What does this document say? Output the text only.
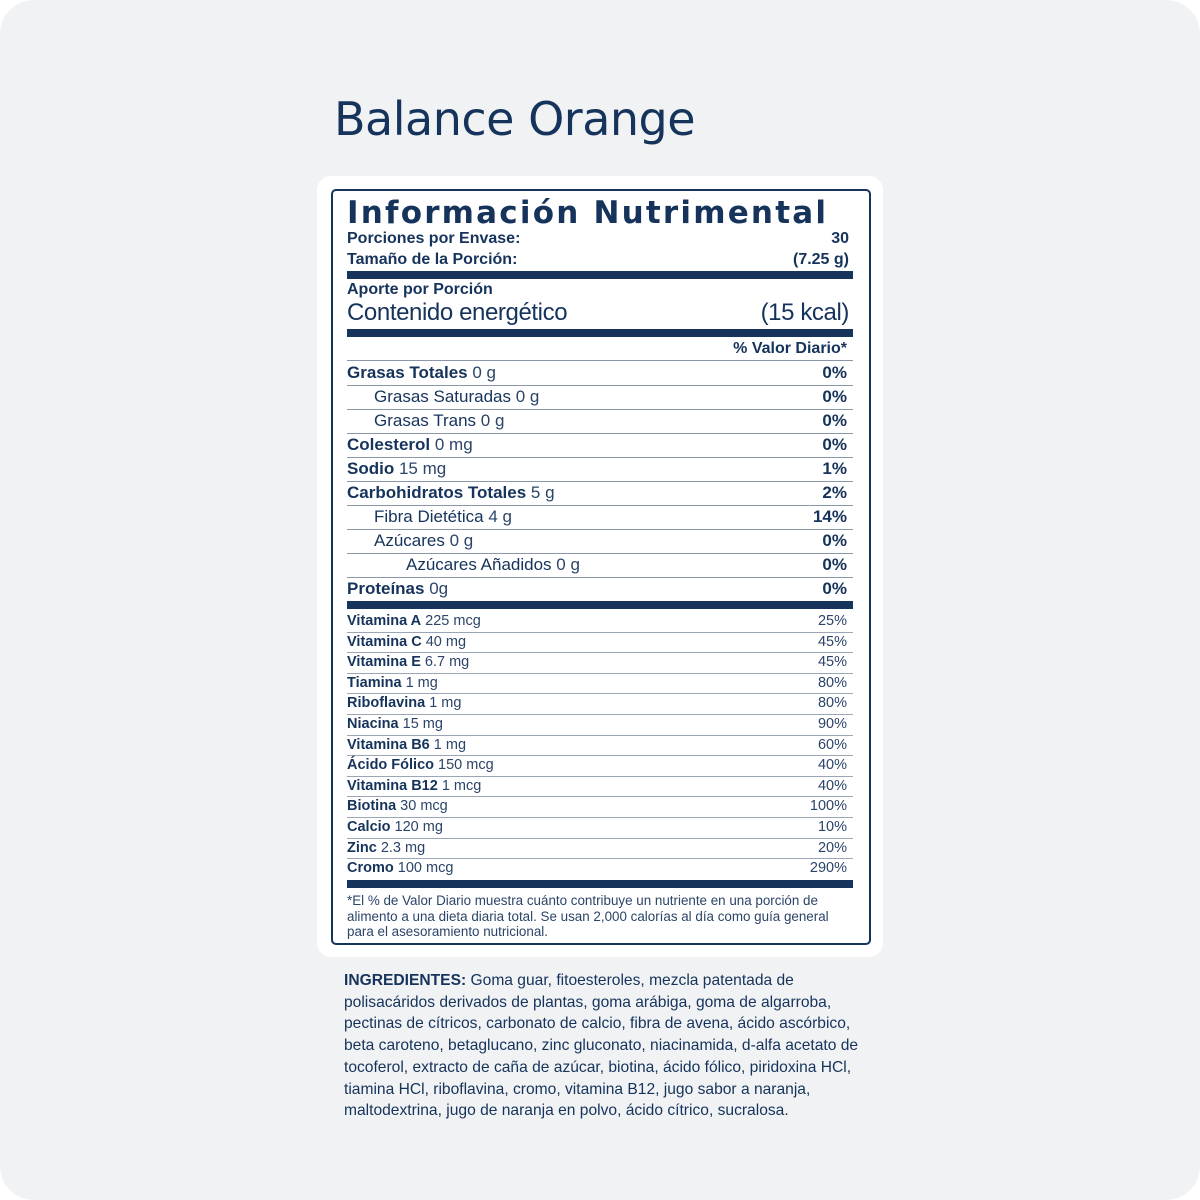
Balance Orange
Información Nutrimental
Porciones por Envase:	30
Tamaño de la Porción:	(7.25 g)
Aporte por Porción
Contenido energético	(15 kcal)
% Valor Diario*
Grasas Totales 0 g	0%
Grasas Saturadas 0 g	0%
Grasas Trans 0 g	0%
Colesterol 0 mg	0%
Sodio 15 mg	1%
Carbohidratos Totales 5 g	2%
Fibra Dietética 4 g	14%
Azúcares 0 g	0%
Azúcares Añadidos 0 g	0%
Proteínas 0g	0%
Vitamina A 225 mcg	25%
Vitamina C 40 mg	45%
Vitamina E 6.7 mg	45%
Tiamina 1 mg	80%
Riboflavina 1 mg	80%
Niacina 15 mg	90%
Vitamina B6 1 mg	60%
Ácido Fólico 150 mcg	40%
Vitamina B12 1 mcg	40%
Biotina 30 mcg	100%
Calcio 120 mg	10%
Zinc 2.3 mg	20%
Cromo 100 mcg	290%
*El % de Valor Diario muestra cuánto contribuye un nutriente en una porción de alimento a una dieta diaria total. Se usan 2,000 calorías al día como guía general para el asesoramiento nutricional.
INGREDIENTES: Goma guar, fitoesteroles, mezcla patentada de polisacáridos derivados de plantas, goma arábiga, goma de algarroba, pectinas de cítricos, carbonato de calcio, fibra de avena, ácido ascórbico, beta caroteno, betaglucano, zinc gluconato, niacinamida, d-alfa acetato de tocoferol, extracto de caña de azúcar, biotina, ácido fólico, piridoxina HCl, tiamina HCl, riboflavina, cromo, vitamina B12, jugo sabor a naranja, maltodextrina, jugo de naranja en polvo, ácido cítrico, sucralosa.
